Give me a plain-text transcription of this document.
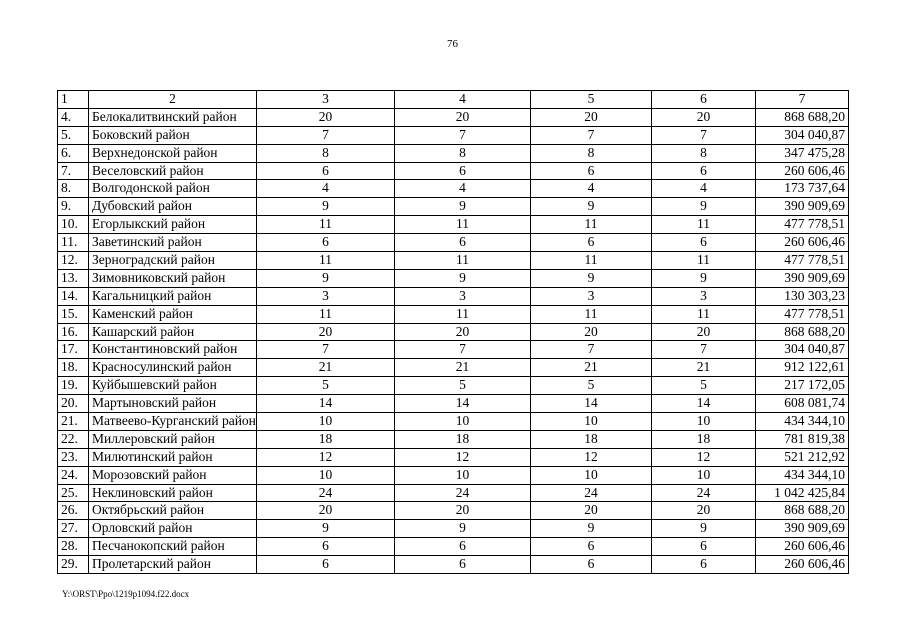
76
1	2	3	4	5	6	7
4.	Белокалитвинский район	20	20	20	20	868 688,20
5.	Боковский район	7	7	7	7	304 040,87
6.	Верхнедонской район	8	8	8	8	347 475,28
7.	Веселовский район	6	6	6	6	260 606,46
8.	Волгодонской район	4	4	4	4	173 737,64
9.	Дубовский район	9	9	9	9	390 909,69
10.	Егорлыкский район	11	11	11	11	477 778,51
11.	Заветинский район	6	6	6	6	260 606,46
12.	Зерноградский район	11	11	11	11	477 778,51
13.	Зимовниковский район	9	9	9	9	390 909,69
14.	Кагальницкий район	3	3	3	3	130 303,23
15.	Каменский район	11	11	11	11	477 778,51
16.	Кашарский район	20	20	20	20	868 688,20
17.	Константиновский район	7	7	7	7	304 040,87
18.	Красносулинский район	21	21	21	21	912 122,61
19.	Куйбышевский район	5	5	5	5	217 172,05
20.	Мартыновский район	14	14	14	14	608 081,74
21.	Матвеево-Курганский район	10	10	10	10	434 344,10
22.	Миллеровский район	18	18	18	18	781 819,38
23.	Милютинский район	12	12	12	12	521 212,92
24.	Морозовский район	10	10	10	10	434 344,10
25.	Неклиновский район	24	24	24	24	1 042 425,84
26.	Октябрьский район	20	20	20	20	868 688,20
27.	Орловский район	9	9	9	9	390 909,69
28.	Песчанокопский район	6	6	6	6	260 606,46
29.	Пролетарский район	6	6	6	6	260 606,46
Y:\ORST\Ppo\1219p1094.f22.docx
